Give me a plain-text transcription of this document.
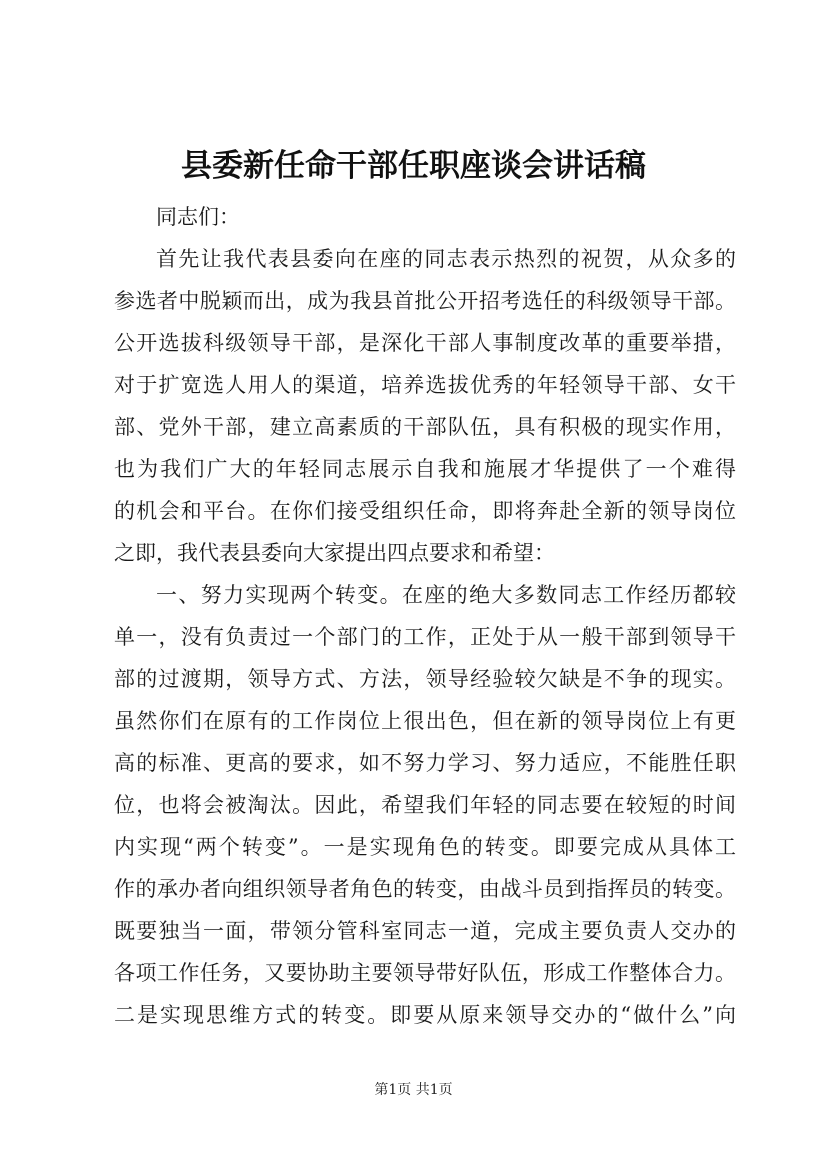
县委新任命干部任职座谈会讲话稿
同志们：
首先让我代表县委向在座的同志表示热烈的祝贺，从众多的
参选者中脱颖而出，成为我县首批公开招考选任的科级领导干部。
公开选拔科级领导干部，是深化干部人事制度改革的重要举措，
对于扩宽选人用人的渠道，培养选拔优秀的年轻领导干部、女干
部、党外干部，建立高素质的干部队伍，具有积极的现实作用，
也为我们广大的年轻同志展示自我和施展才华提供了一个难得
的机会和平台。在你们接受组织任命，即将奔赴全新的领导岗位
之即，我代表县委向大家提出四点要求和希望：
一、努力实现两个转变。在座的绝大多数同志工作经历都较
单一，没有负责过一个部门的工作，正处于从一般干部到领导干
部的过渡期，领导方式、方法，领导经验较欠缺是不争的现实。
虽然你们在原有的工作岗位上很出色，但在新的领导岗位上有更
高的标准、更高的要求，如不努力学习、努力适应，不能胜任职
位，也将会被淘汰。因此，希望我们年轻的同志要在较短的时间
内实现“两个转变”。一是实现角色的转变。即要完成从具体工
作的承办者向组织领导者角色的转变，由战斗员到指挥员的转变。
既要独当一面，带领分管科室同志一道，完成主要负责人交办的
各项工作任务，又要协助主要领导带好队伍，形成工作整体合力。
二是实现思维方式的转变。即要从原来领导交办的“做什么”向
第1页 共1页
